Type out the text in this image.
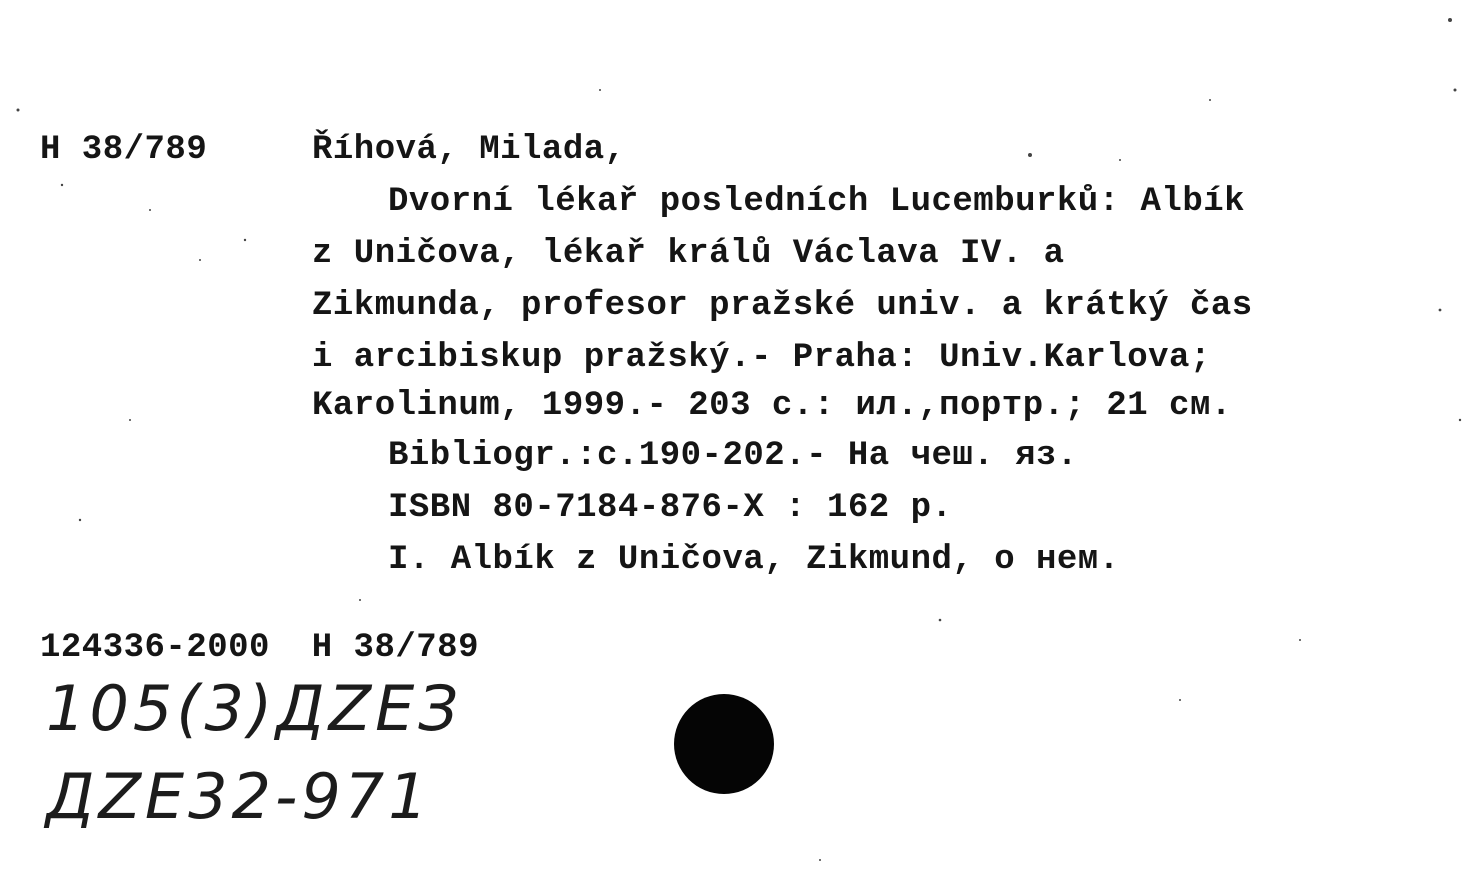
H 38/789	Říhová, Milada,
Dvorní lékař posledních Lucemburků: Albík
z Uničova, lékař králů Václava IV. a
Zikmunda, profesor pražské univ. a krátký čas
i arcibiskup pražský.- Praha: Univ.Karlova;
Karolinum, 1999.- 203 с.: ил.,портр.; 21 см.
Bibliogr.:c.190-202.- На чеш. яз.
ISBN 80-7184-876-X : 162 р.
I. Albík z Uničova, Zikmund, о нем.
124336-2000  H 38/789
105(3)ДZЕЗ
ДZЕ32-971
